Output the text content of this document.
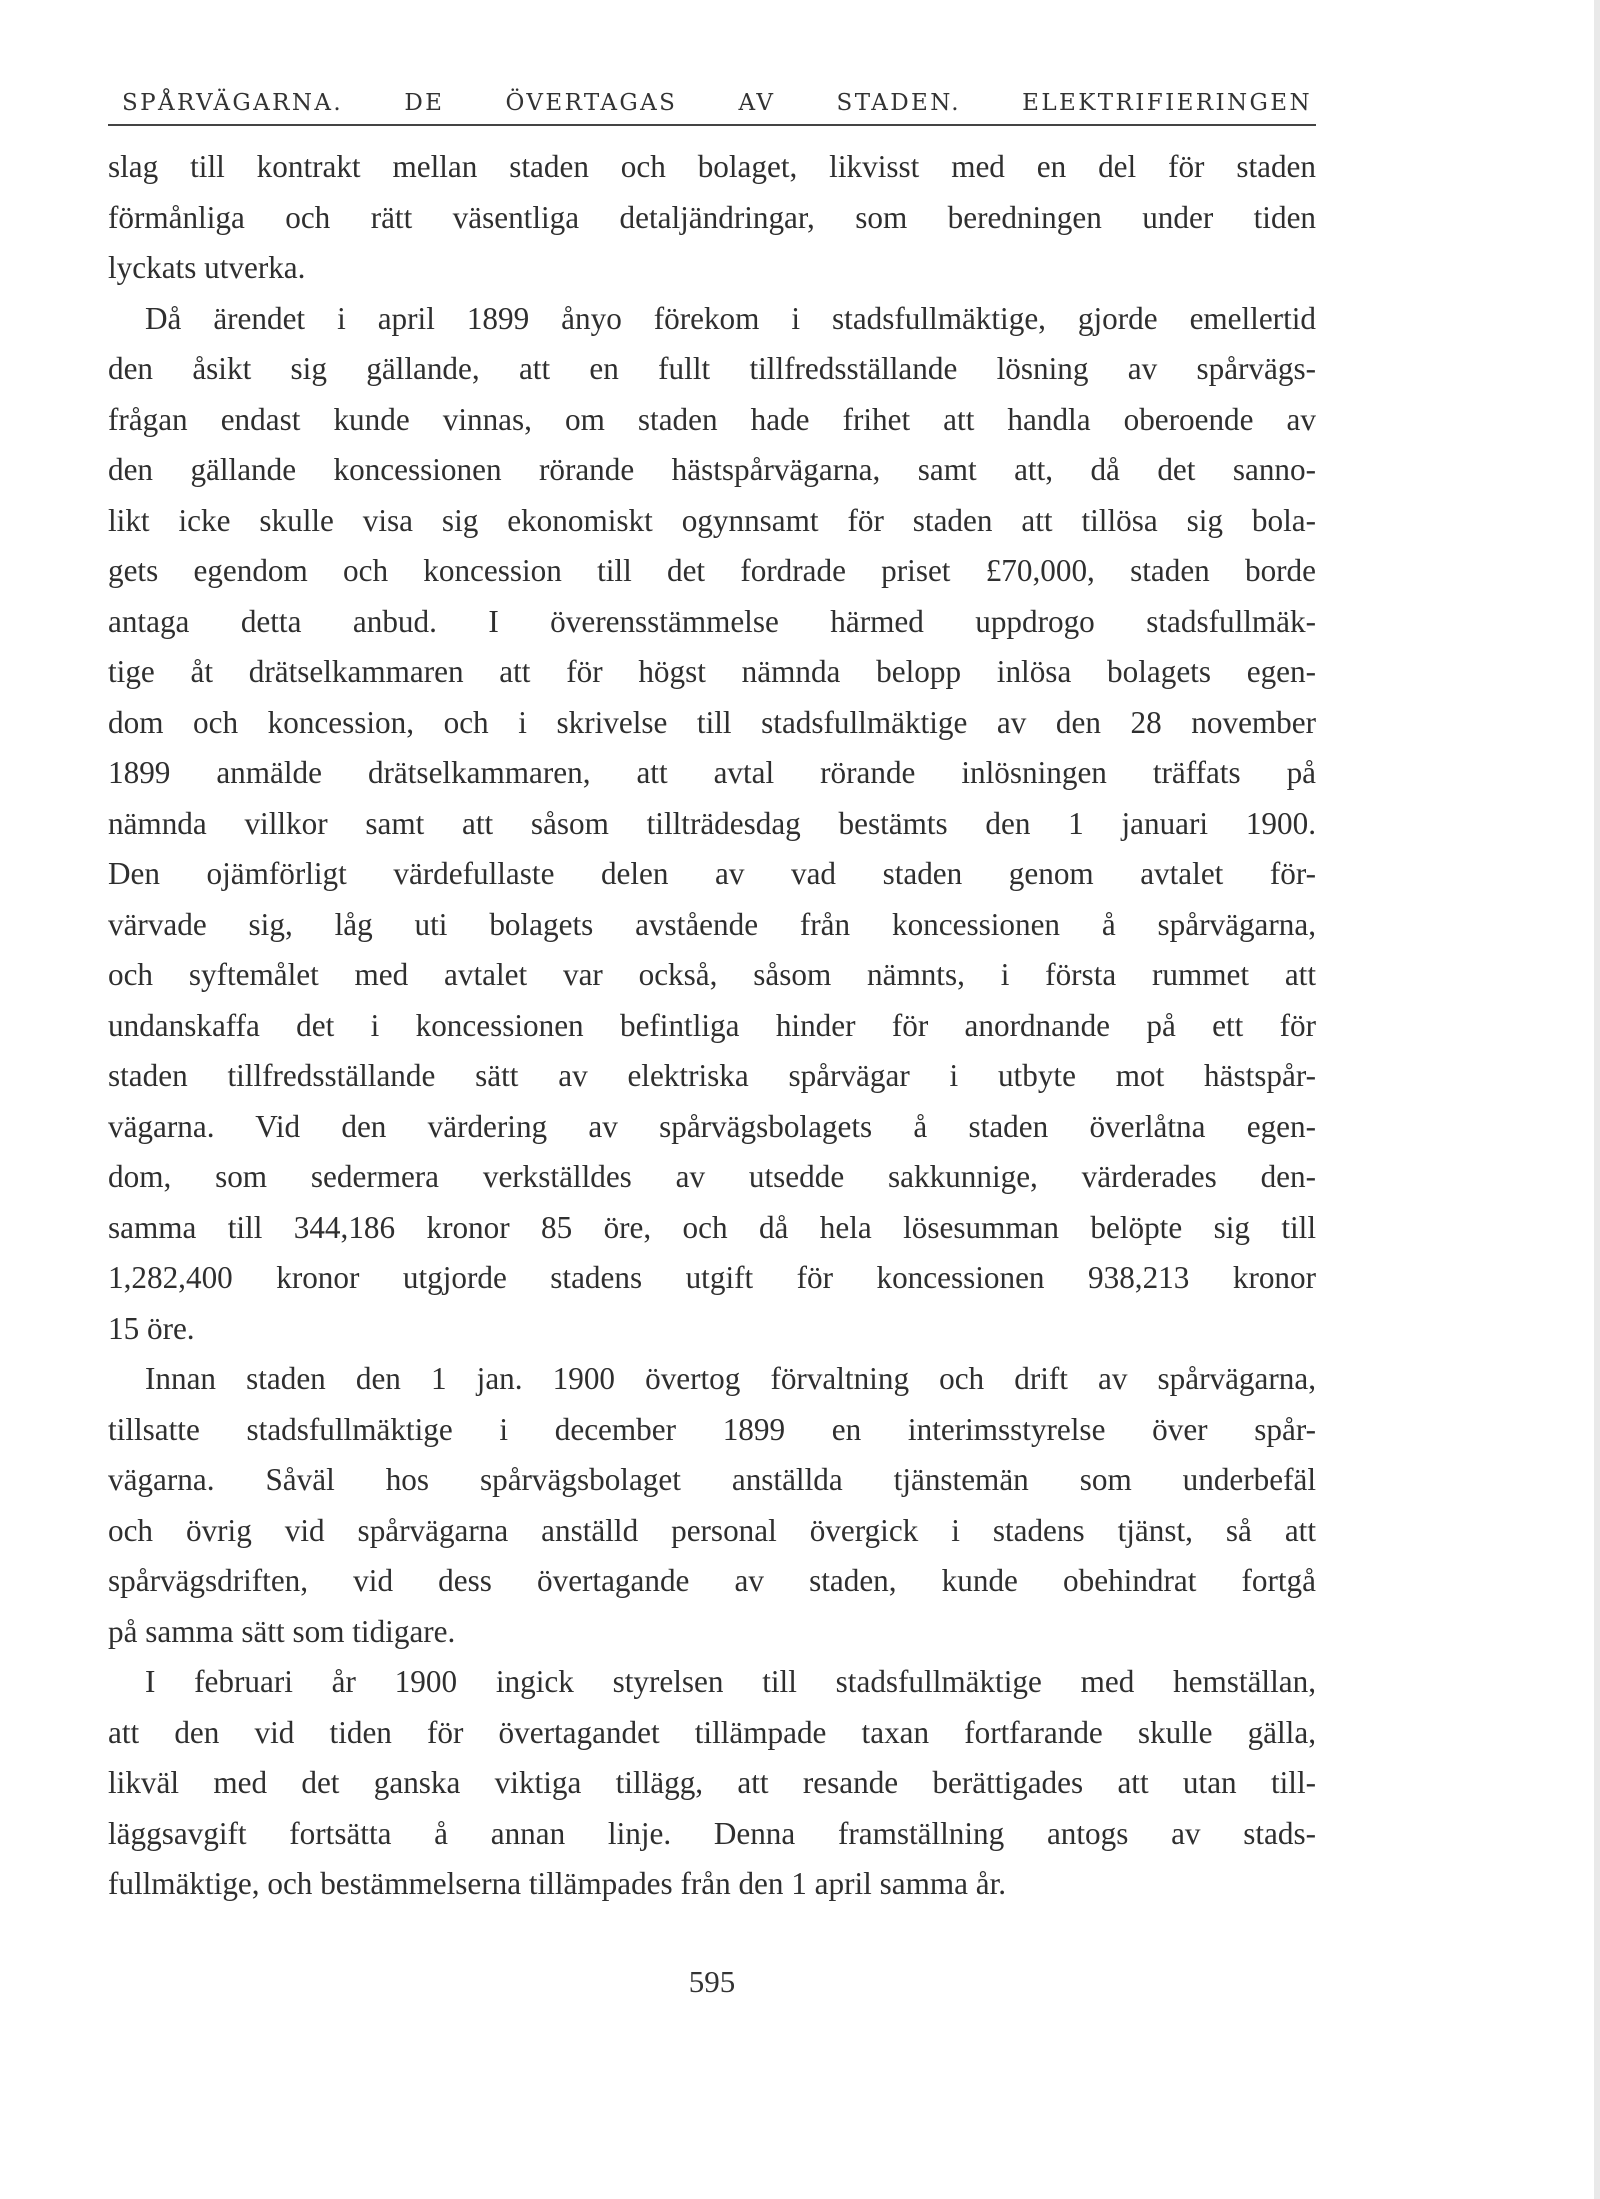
SPÅRVÄGARNA. DE ÖVERTAGAS AV STADEN. ELEKTRIFIERINGEN
slag till kontrakt mellan staden och bolaget, likvisst med en del för staden
förmånliga och rätt väsentliga detaljändringar, som beredningen under tiden
lyckats utverka.
Då ärendet i april 1899 ånyo förekom i stadsfullmäktige, gjorde emellertid
den åsikt sig gällande, att en fullt tillfredsställande lösning av spårvägs-
frågan endast kunde vinnas, om staden hade frihet att handla oberoende av
den gällande koncessionen rörande hästspårvägarna, samt att, då det sanno-
likt icke skulle visa sig ekonomiskt ogynnsamt för staden att tillösa sig bola-
gets egendom och koncession till det fordrade priset £70,000, staden borde
antaga detta anbud. I överensstämmelse härmed uppdrogo stadsfullmäk-
tige åt drätselkammaren att för högst nämnda belopp inlösa bolagets egen-
dom och koncession, och i skrivelse till stadsfullmäktige av den 28 november
1899 anmälde drätselkammaren, att avtal rörande inlösningen träffats på
nämnda villkor samt att såsom tillträdesdag bestämts den 1 januari 1900.
Den ojämförligt värdefullaste delen av vad staden genom avtalet för-
värvade sig, låg uti bolagets avstående från koncessionen å spårvägarna,
och syftemålet med avtalet var också, såsom nämnts, i första rummet att
undanskaffa det i koncessionen befintliga hinder för anordnande på ett för
staden tillfredsställande sätt av elektriska spårvägar i utbyte mot hästspår-
vägarna. Vid den värdering av spårvägsbolagets å staden överlåtna egen-
dom, som sedermera verkställdes av utsedde sakkunnige, värderades den-
samma till 344,186 kronor 85 öre, och då hela lösesumman belöpte sig till
1,282,400 kronor utgjorde stadens utgift för koncessionen 938,213 kronor
15 öre.
Innan staden den 1 jan. 1900 övertog förvaltning och drift av spårvägarna,
tillsatte stadsfullmäktige i december 1899 en interimsstyrelse över spår-
vägarna. Såväl hos spårvägsbolaget anställda tjänstemän som underbefäl
och övrig vid spårvägarna anställd personal övergick i stadens tjänst, så att
spårvägsdriften, vid dess övertagande av staden, kunde obehindrat fortgå
på samma sätt som tidigare.
I februari år 1900 ingick styrelsen till stadsfullmäktige med hemställan,
att den vid tiden för övertagandet tillämpade taxan fortfarande skulle gälla,
likväl med det ganska viktiga tillägg, att resande berättigades att utan till-
läggsavgift fortsätta å annan linje. Denna framställning antogs av stads-
fullmäktige, och bestämmelserna tillämpades från den 1 april samma år.
595
